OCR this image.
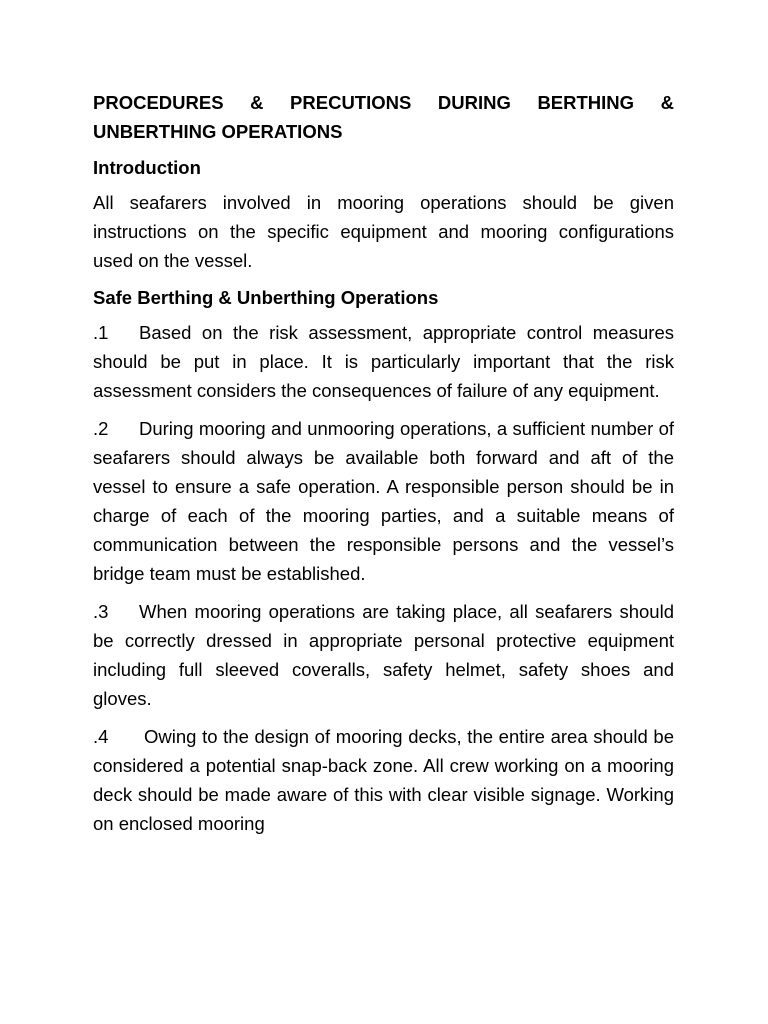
PROCEDURES & PRECUTIONS DURING BERTHING & UNBERTHING OPERATIONS
Introduction
All seafarers involved in mooring operations should be given instructions on the specific equipment and mooring configurations used on the vessel.
Safe Berthing & Unberthing Operations
.1 Based on the risk assessment, appropriate control measures should be put in place. It is particularly important that the risk assessment considers the consequences of failure of any equipment.
.2 During mooring and unmooring operations, a sufficient number of seafarers should always be available both forward and aft of the vessel to ensure a safe operation. A responsible person should be in charge of each of the mooring parties, and a suitable means of communication between the responsible persons and the vessel’s bridge team must be established.
.3 When mooring operations are taking place, all seafarers should be correctly dressed in appropriate personal protective equipment including full sleeved coveralls, safety helmet, safety shoes and gloves.
.4 Owing to the design of mooring decks, the entire area should be considered a potential snap-back zone. All crew working on a mooring deck should be made aware of this with clear visible signage. Working on enclosed mooring
